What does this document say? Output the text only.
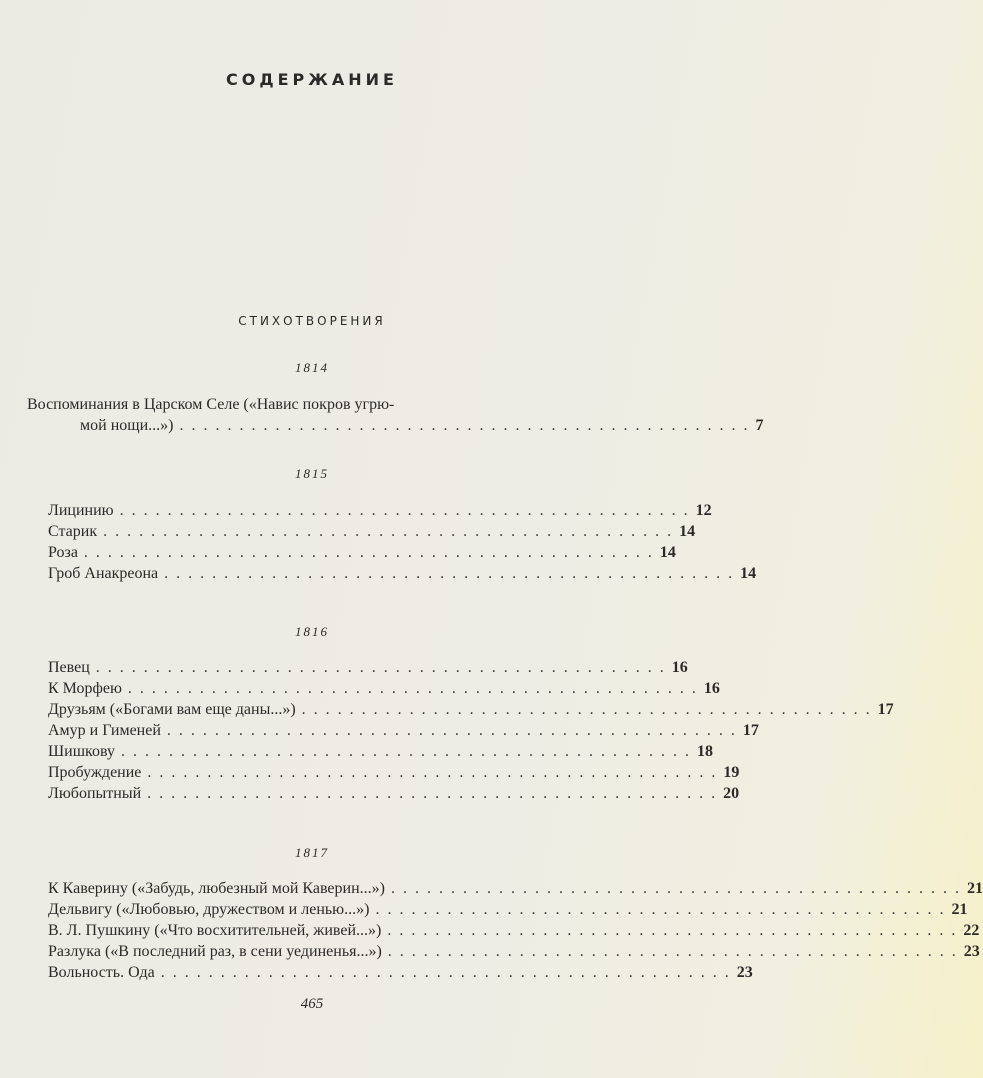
СОДЕРЖАНИЕ
СТИХОТВОРЕНИЯ
1814
Воспоминания в Царском Селе («Навис покров угрю-
мой нощи...») ................................................ 7
1815
Лицинию ................................................ 12
Старик ................................................ 14
Роза ................................................ 14
Гроб Анакреона ................................................ 14
1816
Певец ................................................ 16
К Морфею ................................................ 16
Друзьям («Богами вам еще даны...») ................................................ 17
Амур и Гименей ................................................ 17
Шишкову ................................................ 18
Пробуждение ................................................ 19
Любопытный ................................................ 20
1817
К Каверину («Забудь, любезный мой Каверин...») ................................................ 21
Дельвигу («Любовью, дружеством и ленью...») ................................................ 21
В. Л. Пушкину («Что восхитительней, живей...») ................................................ 22
Разлука («В последний раз, в сени уединенья...») ................................................ 23
Вольность. Ода ................................................ 23
465
